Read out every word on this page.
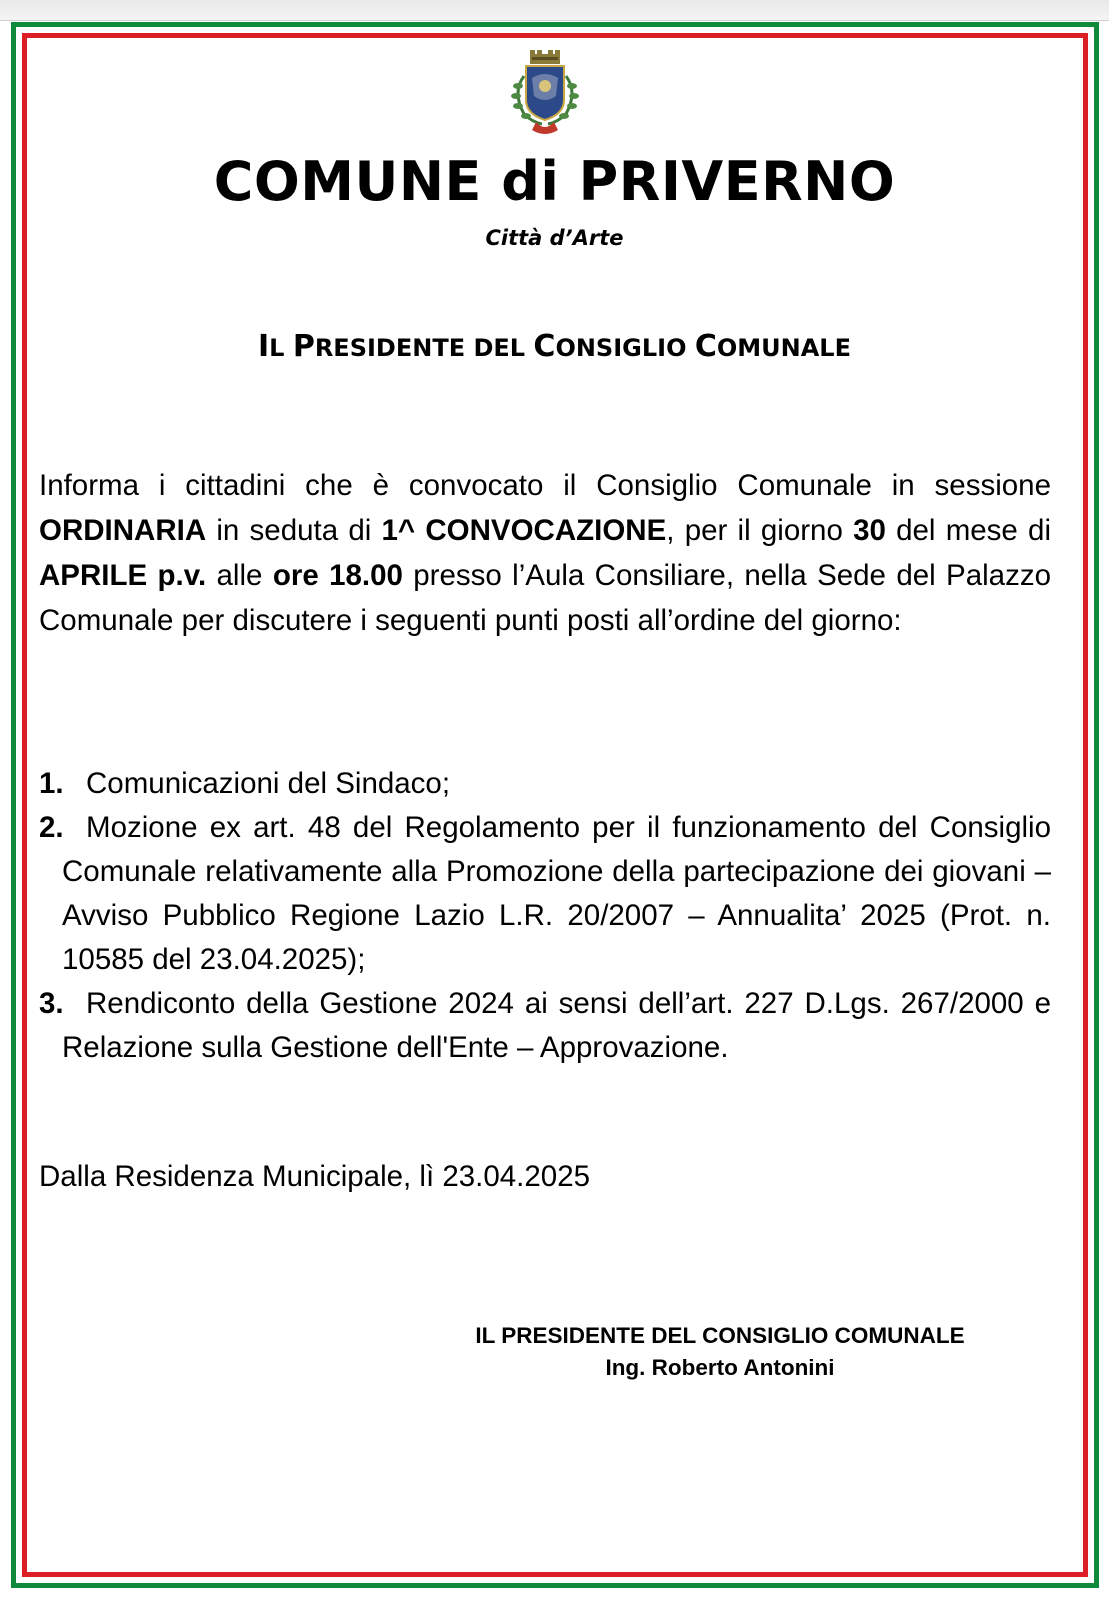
COMUNE di PRIVERNO
Città d’Arte
IL PRESIDENTE DEL CONSIGLIO COMUNALE

Informa i cittadini che è convocato il Consiglio Comunale in sessione ORDINARIA in seduta di 1^ CONVOCAZIONE, per il giorno 30 del mese di APRILE p.v. alle ore 18.00 presso l’Aula Consiliare, nella Sede del Palazzo Comunale per discutere i seguenti punti posti all’ordine del giorno:

1. Comunicazioni del Sindaco;
2. Mozione ex art. 48 del Regolamento per il funzionamento del Consiglio Comunale relativamente alla Promozione della partecipazione dei giovani – Avviso Pubblico Regione Lazio L.R. 20/2007 – Annualita’ 2025 (Prot. n. 10585 del 23.04.2025);
3. Rendiconto della Gestione 2024 ai sensi dell’art. 227 D.Lgs. 267/2000 e Relazione sulla Gestione dell'Ente – Approvazione.
Dalla Residenza Municipale, lì 23.04.2025
IL PRESIDENTE DEL CONSIGLIO COMUNALE
Ing. Roberto Antonini
